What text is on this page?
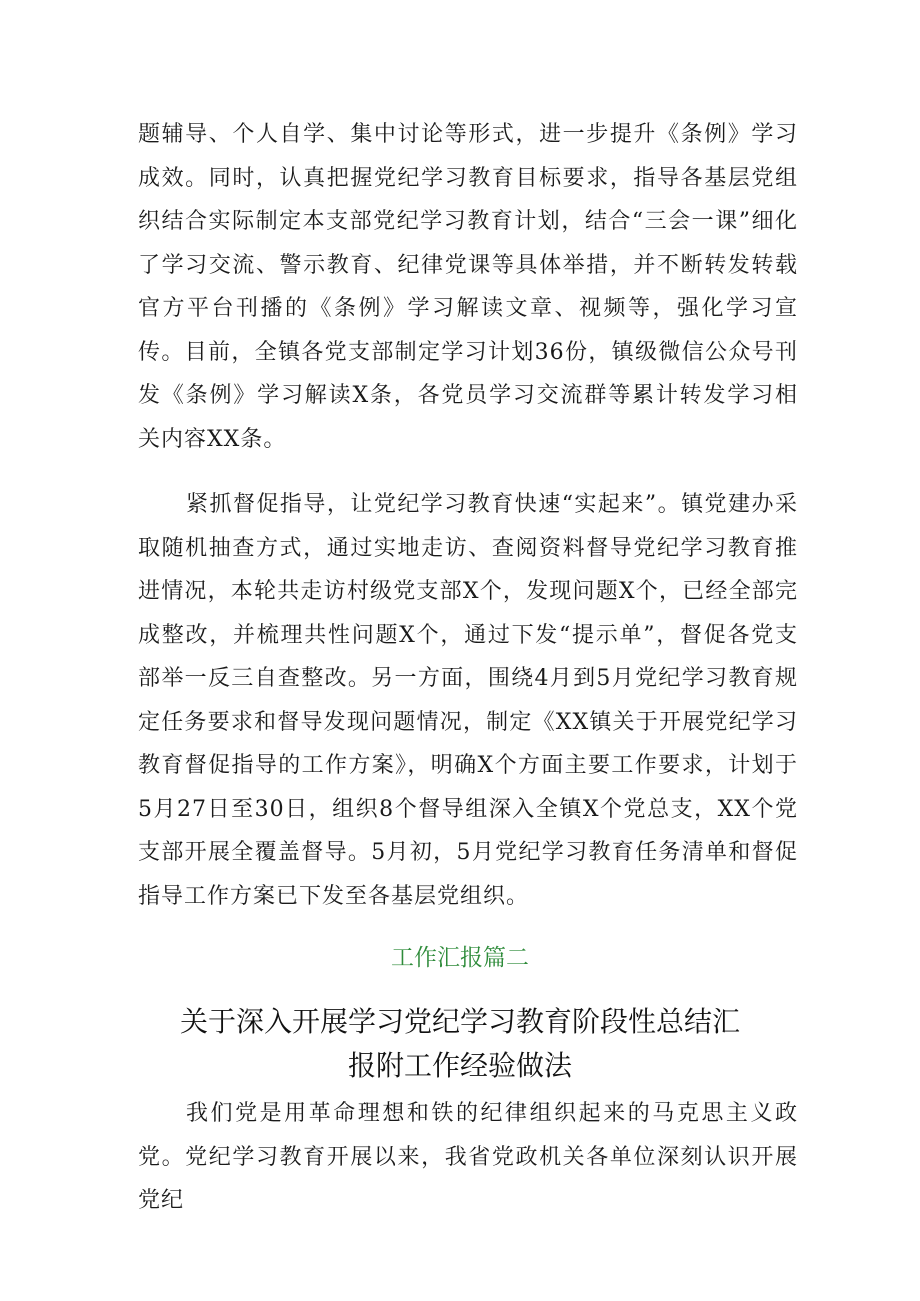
题辅导、个人自学、集中讨论等形式，进一步提升《条例》学习成效。同时，认真把握党纪学习教育目标要求，指导各基层党组织结合实际制定本支部党纪学习教育计划，结合“三会一课”细化了学习交流、警示教育、纪律党课等具体举措，并不断转发转载官方平台刊播的《条例》学习解读文章、视频等，强化学习宣传。目前，全镇各党支部制定学习计划36份，镇级微信公众号刊发《条例》学习解读X条，各党员学习交流群等累计转发学习相关内容XX条。

紧抓督促指导，让党纪学习教育快速“实起来”。镇党建办采取随机抽查方式，通过实地走访、查阅资料督导党纪学习教育推进情况，本轮共走访村级党支部X个，发现问题X个，已经全部完成整改，并梳理共性问题X个，通过下发“提示单”，督促各党支部举一反三自查整改。另一方面，围绕4月到5月党纪学习教育规定任务要求和督导发现问题情况，制定《XX镇关于开展党纪学习教育督促指导的工作方案》，明确X个方面主要工作要求，计划于5月27日至30日，组织8个督导组深入全镇X个党总支，XX个党支部开展全覆盖督导。5月初，5月党纪学习教育任务清单和督促指导工作方案已下发至各基层党组织。

工作汇报篇二

关于深入开展学习党纪学习教育阶段性总结汇
报附工作经验做法

我们党是用革命理想和铁的纪律组织起来的马克思主义政党。党纪学习教育开展以来，我省党政机关各单位深刻认识开展党纪
